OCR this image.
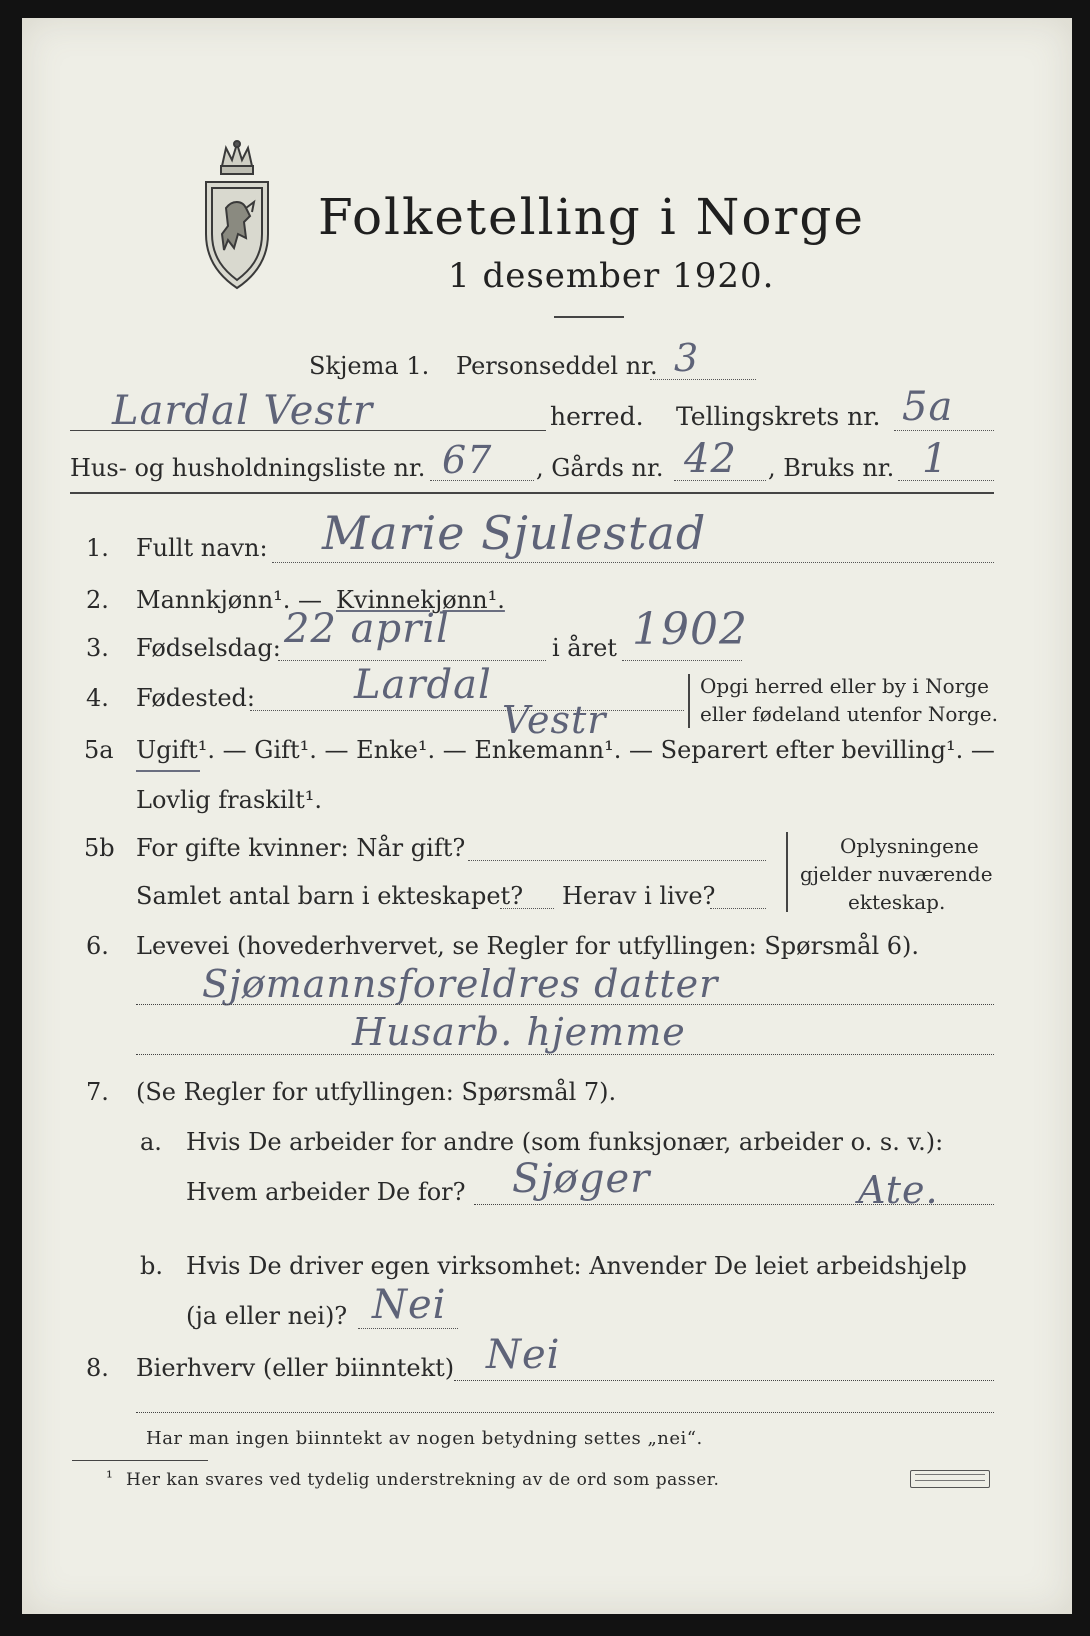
Folketelling i Norge
1 desember 1920.
Skjema 1. Personseddel nr. 3
Lardal Vestr	herred. Tellingskrets nr. 5a
Hus- og husholdningsliste nr. 67 , Gårds nr. 42 , Bruks nr. 1
1. Fullt navn: Marie Sjulestad
2. Mannkjønn¹. — Kvinnekjønn¹.
3. Fødselsdag: 22 april	i året 1902
4. Fødested: Lardal
Vestr
Opgi herred eller by i Norge
eller fødeland utenfor Norge.
5a Ugift¹. — Gift¹. — Enke¹. — Enkemann¹. — Separert efter bevilling¹. —
Lovlig fraskilt¹.
5b For gifte kvinner: Når gift?
Samlet antal barn i ekteskapet? Herav i live?
Oplysningene
gjelder nuværende
ekteskap.
6. Levevei (hovederhvervet, se Regler for utfyllingen: Spørsmål 6).
Sjømannsforeldres datter
Husarb. hjemme
7. (Se Regler for utfyllingen: Spørsmål 7).
a. Hvis De arbeider for andre (som funksjonær, arbeider o. s. v.):
Hvem arbeider De for? Sjøger	Ate.
b. Hvis De driver egen virksomhet: Anvender De leiet arbeidshjelp
(ja eller nei)? Nei
8. Bierhverv (eller biinntekt) Nei
Har man ingen biinntekt av nogen betydning settes „nei“.
¹ Her kan svares ved tydelig understrekning av de ord som passer.
